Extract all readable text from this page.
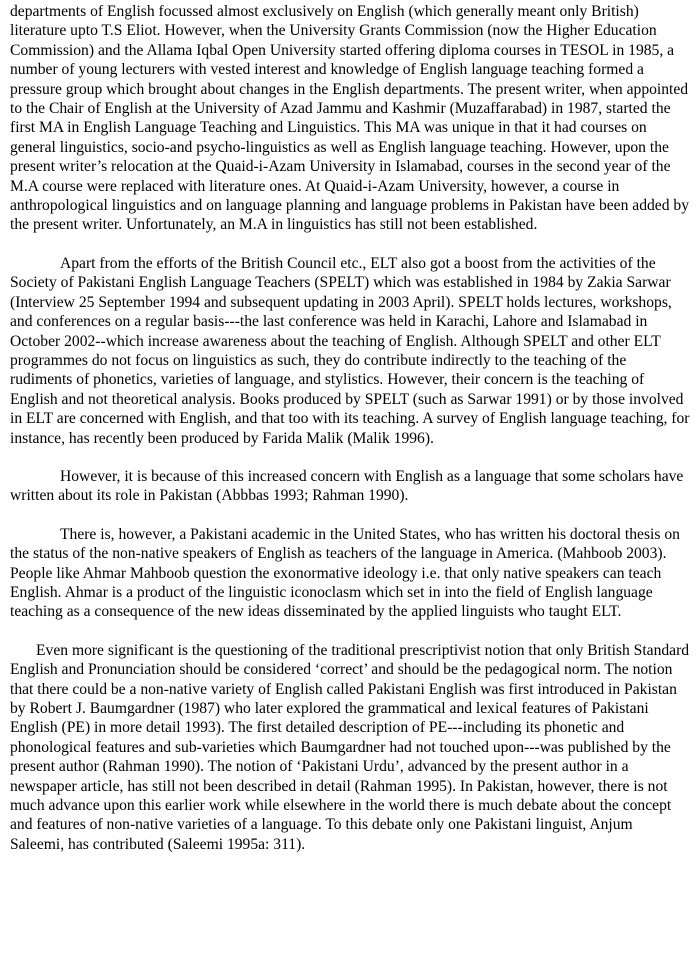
departments of English focussed almost exclusively on English (which generally meant only British) literature upto T.S Eliot. However, when the University Grants Commission (now the Higher Education Commission) and the Allama Iqbal Open University started offering diploma courses in TESOL in 1985, a number of young lecturers with vested interest and knowledge of English language teaching formed a pressure group which brought about changes in the English departments. The present writer, when appointed to the Chair of English at the University of Azad Jammu and Kashmir (Muzaffarabad) in 1987, started the first MA in English Language Teaching and Linguistics. This MA was unique in that it had courses on general linguistics, socio-and psycho-linguistics as well as English language teaching. However, upon the present writer’s relocation at the Quaid-i-Azam University in Islamabad, courses in the second year of the M.A course were replaced with literature ones. At Quaid-i-Azam University, however, a course in anthropological linguistics and on language planning and language problems in Pakistan have been added by the present writer. Unfortunately, an M.A in linguistics has still not been established.

Apart from the efforts of the British Council etc., ELT also got a boost from the activities of the Society of Pakistani English Language Teachers (SPELT) which was established in 1984 by Zakia Sarwar (Interview 25 September 1994 and subsequent updating in 2003 April). SPELT holds lectures, workshops, and conferences on a regular basis---the last conference was held in Karachi, Lahore and Islamabad in October 2002--which increase awareness about the teaching of English. Although SPELT and other ELT programmes do not focus on linguistics as such, they do contribute indirectly to the teaching of the rudiments of phonetics, varieties of language, and stylistics. However, their concern is the teaching of English and not theoretical analysis. Books produced by SPELT (such as Sarwar 1991) or by those involved in ELT are concerned with English, and that too with its teaching. A survey of English language teaching, for instance, has recently been produced by Farida Malik (Malik 1996).

However, it is because of this increased concern with English as a language that some scholars have written about its role in Pakistan (Abbbas 1993; Rahman 1990).

There is, however, a Pakistani academic in the United States, who has written his doctoral thesis on the status of the non-native speakers of English as teachers of the language in America. (Mahboob 2003). People like Ahmar Mahboob question the exonormative ideology i.e. that only native speakers can teach English. Ahmar is a product of the linguistic iconoclasm which set in into the field of English language teaching as a consequence of the new ideas disseminated by the applied linguists who taught ELT.

Even more significant is the questioning of the traditional prescriptivist notion that only British Standard English and Pronunciation should be considered ‘correct’ and should be the pedagogical norm. The notion that there could be a non-native variety of English called Pakistani English was first introduced in Pakistan by Robert J. Baumgardner (1987) who later explored the grammatical and lexical features of Pakistani English (PE) in more detail 1993). The first detailed description of PE---including its phonetic and phonological features and sub-varieties which Baumgardner had not touched upon---was published by the present author (Rahman 1990). The notion of ‘Pakistani Urdu’, advanced by the present author in a newspaper article, has still not been described in detail (Rahman 1995). In Pakistan, however, there is not much advance upon this earlier work while elsewhere in the world there is much debate about the concept and features of non-native varieties of a language. To this debate only one Pakistani linguist, Anjum Saleemi, has contributed (Saleemi 1995a: 311).
